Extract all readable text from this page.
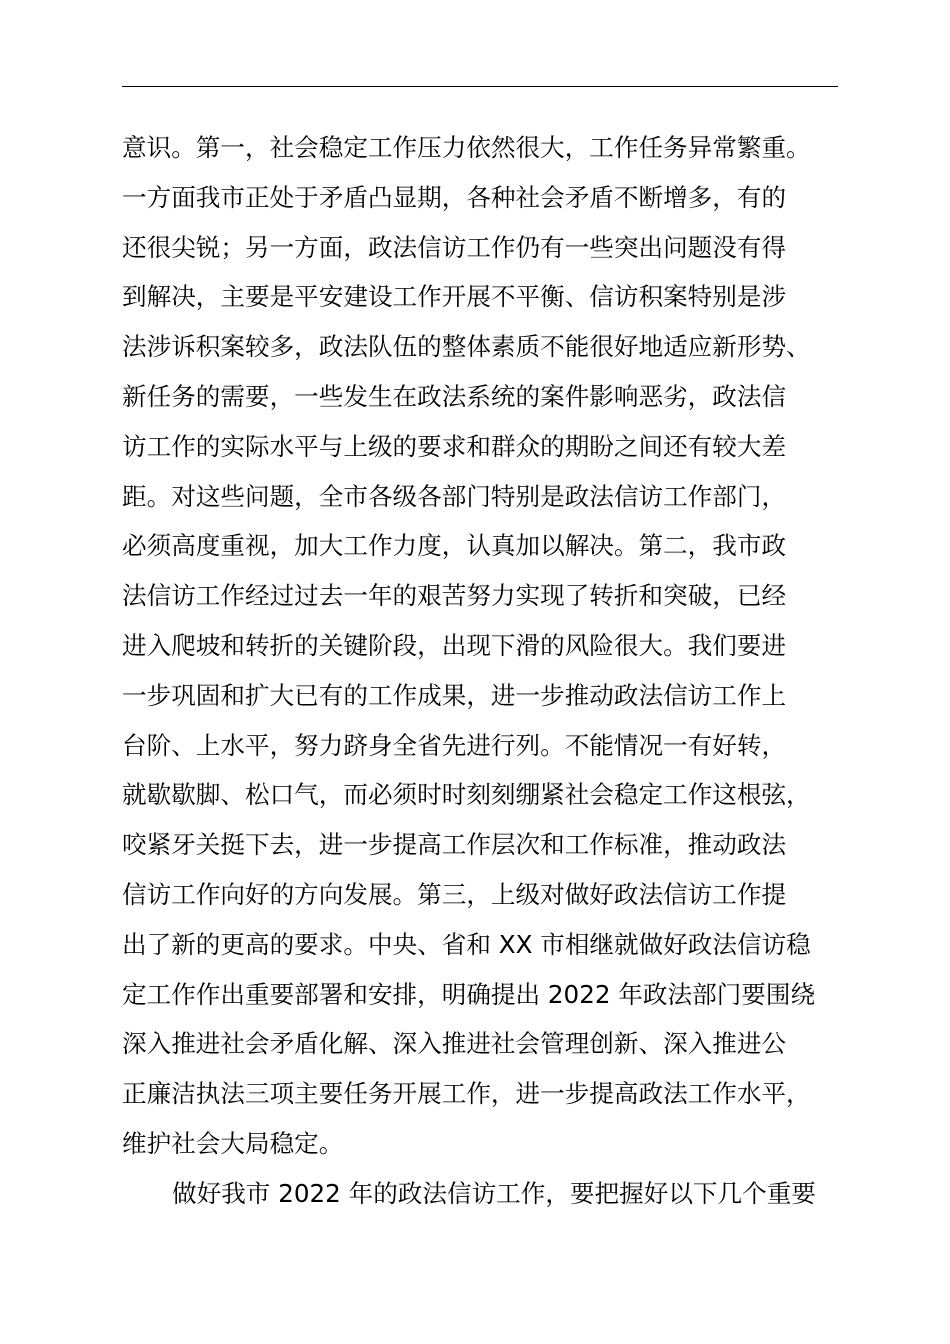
意识。第一，社会稳定工作压力依然很大，工作任务异常繁重。
一方面我市正处于矛盾凸显期，各种社会矛盾不断增多，有的
还很尖锐；另一方面，政法信访工作仍有一些突出问题没有得
到解决，主要是平安建设工作开展不平衡、信访积案特别是涉
法涉诉积案较多，政法队伍的整体素质不能很好地适应新形势、
新任务的需要，一些发生在政法系统的案件影响恶劣，政法信
访工作的实际水平与上级的要求和群众的期盼之间还有较大差
距。对这些问题，全市各级各部门特别是政法信访工作部门，
必须高度重视，加大工作力度，认真加以解决。第二，我市政
法信访工作经过过去一年的艰苦努力实现了转折和突破，已经
进入爬坡和转折的关键阶段，出现下滑的风险很大。我们要进
一步巩固和扩大已有的工作成果，进一步推动政法信访工作上
台阶、上水平，努力跻身全省先进行列。不能情况一有好转，
就歇歇脚、松口气，而必须时时刻刻绷紧社会稳定工作这根弦，
咬紧牙关挺下去，进一步提高工作层次和工作标准，推动政法
信访工作向好的方向发展。第三，上级对做好政法信访工作提
出了新的更高的要求。中央、省和 XX 市相继就做好政法信访稳
定工作作出重要部署和安排，明确提出 2022 年政法部门要围绕
深入推进社会矛盾化解、深入推进社会管理创新、深入推进公
正廉洁执法三项主要任务开展工作，进一步提高政法工作水平，
维护社会大局稳定。
做好我市 2022 年的政法信访工作，要把握好以下几个重要
